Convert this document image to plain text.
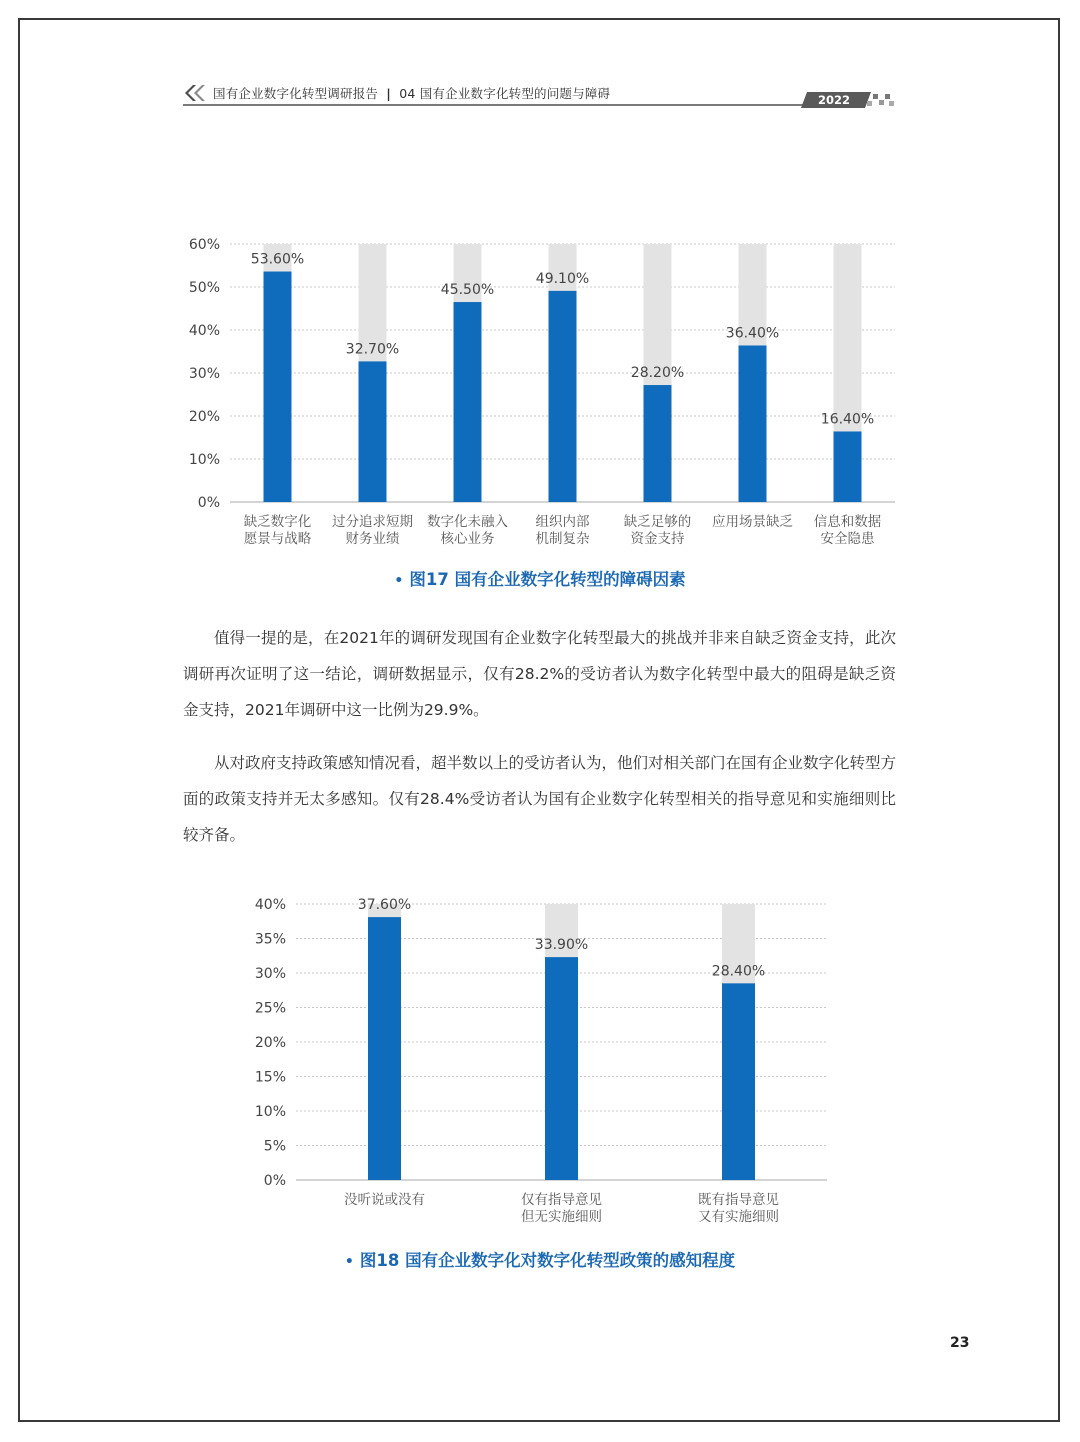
国有企业数字化转型调研报告 | 04 国有企业数字化转型的问题与障碍	2022
0%
10%
20%
30%
40%
50%
60%
53.60%
缺乏数字化
愿景与战略
32.70%
过分追求短期
财务业绩
45.50%
数字化未融入
核心业务
49.10%
组织内部
机制复杂
28.20%
缺乏足够的
资金支持
36.40%
应用场景缺乏
16.40%
信息和数据
安全隐患
• 图17 国有企业数字化转型的障碍因素

值得一提的是，在2021年的调研发现国有企业数字化转型最大的挑战并非来自缺乏资金支持，此次调研再次证明了这一结论，调研数据显示，仅有28.2%的受访者认为数字化转型中最大的阻碍是缺乏资金支持，2021年调研中这一比例为29.9%。

从对政府支持政策感知情况看，超半数以上的受访者认为，他们对相关部门在国有企业数字化转型方面的政策支持并无太多感知。仅有28.4%受访者认为国有企业数字化转型相关的指导意见和实施细则比较齐备。

0%
5%
10%
15%
20%
25%
30%
35%
40%	37.60%
没听说或没有
33.90%
仅有指导意见
但无实施细则
28.40%
既有指导意见
又有实施细则
• 图18 国有企业数字化对数字化转型政策的感知程度
23
